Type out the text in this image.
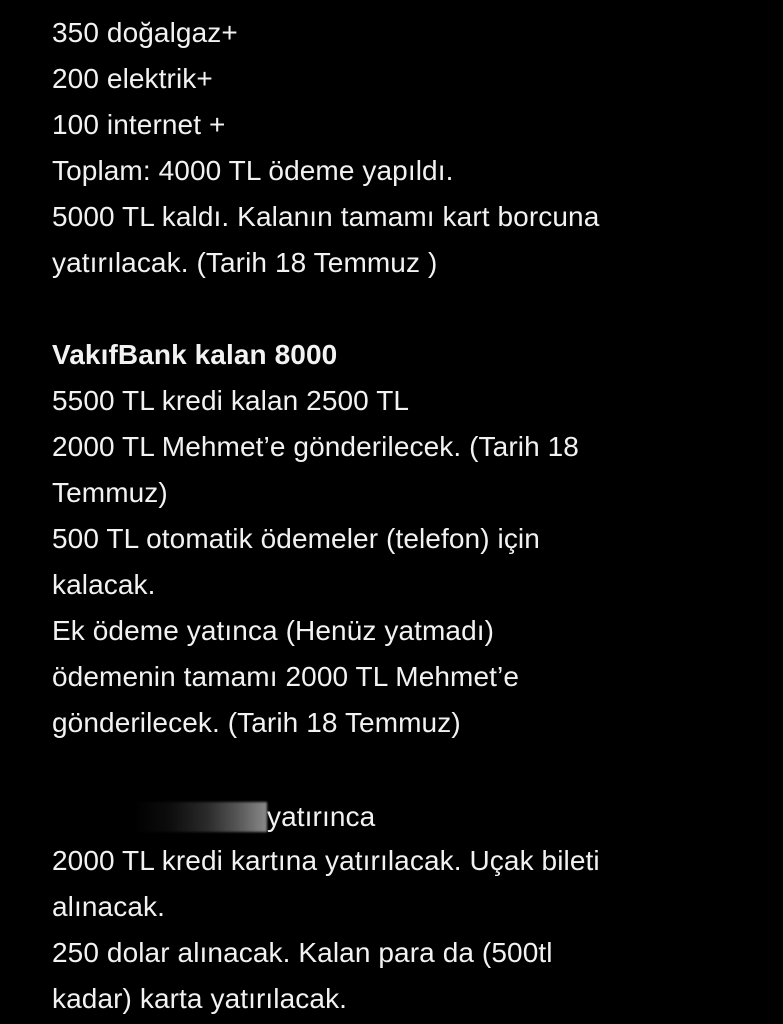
350 doğalgaz+
200 elektrik+
100 internet +
Toplam: 4000 TL ödeme yapıldı.
5000 TL kaldı. Kalanın tamamı kart borcuna
yatırılacak. (Tarih 18 Temmuz )
VakıfBank kalan 8000
5500 TL kredi kalan 2500 TL
2000 TL Mehmet’e gönderilecek. (Tarih 18
Temmuz)
500 TL otomatik ödemeler (telefon) için
kalacak.
Ek ödeme yatınca (Henüz yatmadı)
ödemenin tamamı 2000 TL Mehmet’e
gönderilecek. (Tarih 18 Temmuz)
yatırınca
2000 TL kredi kartına yatırılacak. Uçak bileti
alınacak.
250 dolar alınacak. Kalan para da (500tl
kadar) karta yatırılacak.
